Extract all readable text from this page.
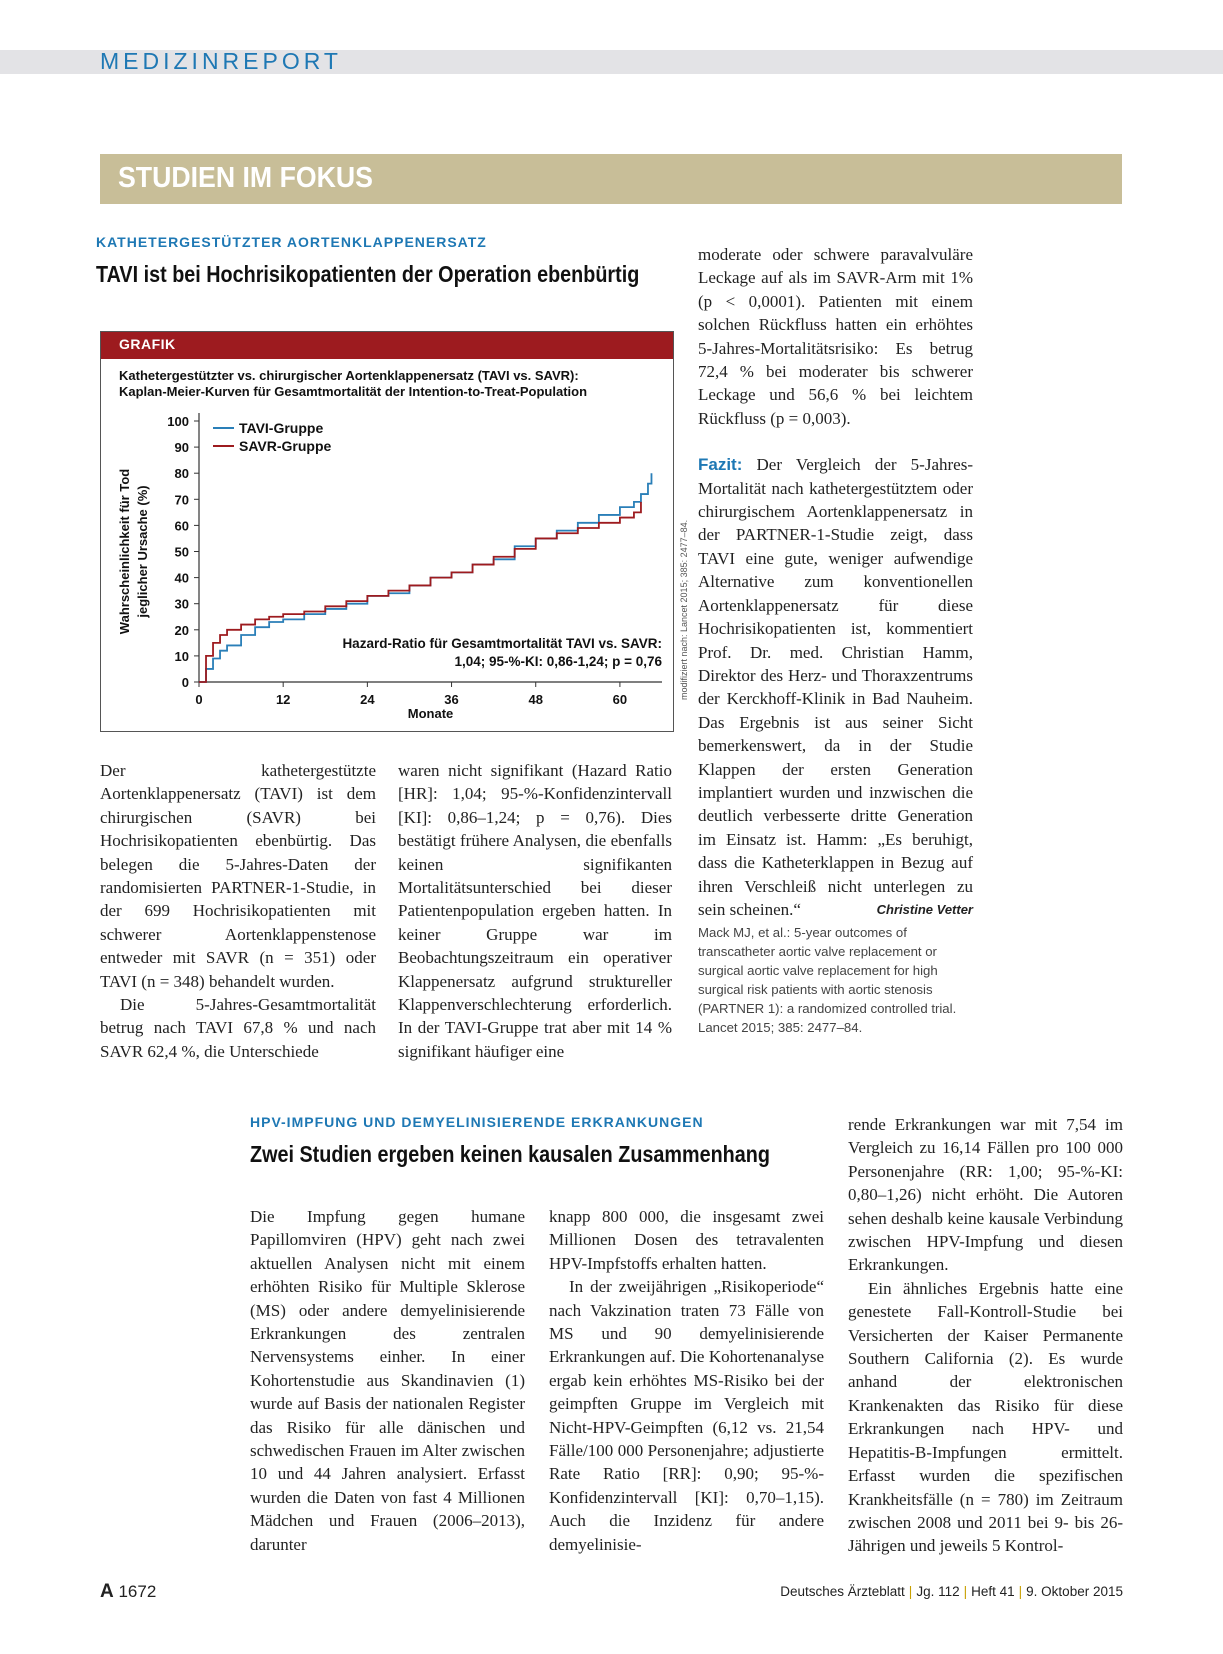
MEDIZINREPORT
STUDIEN IM FOKUS
KATHETERGESTÜTZTER AORTENKLAPPENERSATZ
TAVI ist bei Hochrisikopatienten der Operation ebenbürtig
GRAFIK
Kathetergestützter vs. chirurgischer Aortenklappenersatz (TAVI vs. SAVR):
Kaplan-Meier-Kurven für Gesamtmortalität der Intention-to-Treat-Population
0
10
20
30
40
50
60
70
80
90
100
0	12	24	36	48	60
Monate
Wahrscheinlichkeit für Tod jeglicher Ursache (%)
TAVI-Gruppe
SAVR-Gruppe
Hazard-Ratio für Gesamtmortalität TAVI vs. SAVR:
1,04; 95-%-KI: 0,86-1,24; p = 0,76 modifiziert nach: Lancet 2015; 385: 2477–84.

Der kathetergestützte Aortenklappenersatz (TAVI) ist dem chirurgischen (SAVR) bei Hochrisikopatienten ebenbürtig. Das belegen die 5-Jahres-Daten der randomisierten PARTNER-1-Studie, in der 699 Hochrisikopatienten mit schwerer Aortenklappenstenose entweder mit SAVR (n = 351) oder TAVI (n = 348) behandelt wurden.

Die 5-Jahres-Gesamtmortalität betrug nach TAVI 67,8 % und nach SAVR 62,4 %, die Unterschiede

waren nicht signifikant (Hazard Ratio [HR]: 1,04; 95-%-Konfidenzintervall [KI]: 0,86–1,24; p = 0,76). Dies bestätigt frühere Analysen, die ebenfalls keinen signifikanten Mortalitätsunterschied bei dieser Patientenpopulation ergeben hatten. In keiner Gruppe war im Beobachtungszeitraum ein operativer Klappenersatz aufgrund struktureller Klappenverschlechterung erforderlich. In der TAVI-Gruppe trat aber mit 14 % signifikant häufiger eine

moderate oder schwere paravalvuläre Leckage auf als im SAVR-Arm mit 1% (p < 0,0001). Patienten mit einem solchen Rückfluss hatten ein erhöhtes 5-Jahres-Mortalitätsrisiko: Es betrug 72,4 % bei moderater bis schwerer Leckage und 56,6 % bei leichtem Rückfluss (p = 0,003).

Fazit: Der Vergleich der 5-Jahres-Mortalität nach kathetergestütztem oder chirurgischem Aortenklappenersatz in der PARTNER-1-Studie zeigt, dass TAVI eine gute, weniger aufwendige Alternative zum konventionellen Aortenklappenersatz für diese Hochrisikopatienten ist, kommentiert Prof. Dr. med. Christian Hamm, Direktor des Herz- und Thoraxzentrums der Kerckhoff-Klinik in Bad Nauheim. Das Ergebnis ist aus seiner Sicht bemerkenswert, da in der Studie Klappen der ersten Generation implantiert wurden und inzwischen die deutlich verbesserte dritte Generation im Einsatz ist. Hamm: „Es beruhigt, dass die Katheterklappen in Bezug auf ihren Verschleiß nicht unterlegen zu sein scheinen.“	Christine Vetter

Mack MJ, et al.: 5-year outcomes of transcatheter aortic valve replacement or surgical aortic valve replacement for high surgical risk patients with aortic stenosis (PARTNER 1): a randomized controlled trial. Lancet 2015; 385: 2477–84.
HPV-IMPFUNG UND DEMYELINISIERENDE ERKRANKUNGEN
Zwei Studien ergeben keinen kausalen Zusammenhang

Die Impfung gegen humane Papillomviren (HPV) geht nach zwei aktuellen Analysen nicht mit einem erhöhten Risiko für Multiple Sklerose (MS) oder andere demyelinisierende Erkrankungen des zentralen Nervensystems einher. In einer Kohortenstudie aus Skandinavien (1) wurde auf Basis der nationalen Register das Risiko für alle dänischen und schwedischen Frauen im Alter zwischen 10 und 44 Jahren analysiert. Erfasst wurden die Daten von fast 4 Millionen Mädchen und Frauen (2006–2013), darunter

knapp 800 000, die insgesamt zwei Millionen Dosen des tetravalenten HPV-Impfstoffs erhalten hatten.

In der zweijährigen „Risikoperiode“ nach Vakzination traten 73 Fälle von MS und 90 demyelinisierende Erkrankungen auf. Die Kohortenanalyse ergab kein erhöhtes MS-Risiko bei der geimpften Gruppe im Vergleich mit Nicht-HPV-Geimpften (6,12 vs. 21,54 Fälle/100 000 Personenjahre; adjustierte Rate Ratio [RR]: 0,90; 95-%-Konfidenzintervall [KI]: 0,70–1,15). Auch die Inzidenz für andere demyelinisie-

rende Erkrankungen war mit 7,54 im Vergleich zu 16,14 Fällen pro 100 000 Personenjahre (RR: 1,00; 95-%-KI: 0,80–1,26) nicht erhöht. Die Autoren sehen deshalb keine kausale Verbindung zwischen HPV-Impfung und diesen Erkrankungen.

Ein ähnliches Ergebnis hatte eine genestete Fall-Kontroll-Studie bei Versicherten der Kaiser Permanente Southern California (2). Es wurde anhand der elektronischen Krankenakten das Risiko für diese Erkrankungen nach HPV- und Hepatitis-B-Impfungen ermittelt. Erfasst wurden die spezifischen Krankheitsfälle (n = 780) im Zeitraum zwischen 2008 und 2011 bei 9- bis 26-Jährigen und jeweils 5 Kontrol-

A 1672	Deutsches Ärzteblatt | Jg. 112 | Heft 41 | 9. Oktober 2015
